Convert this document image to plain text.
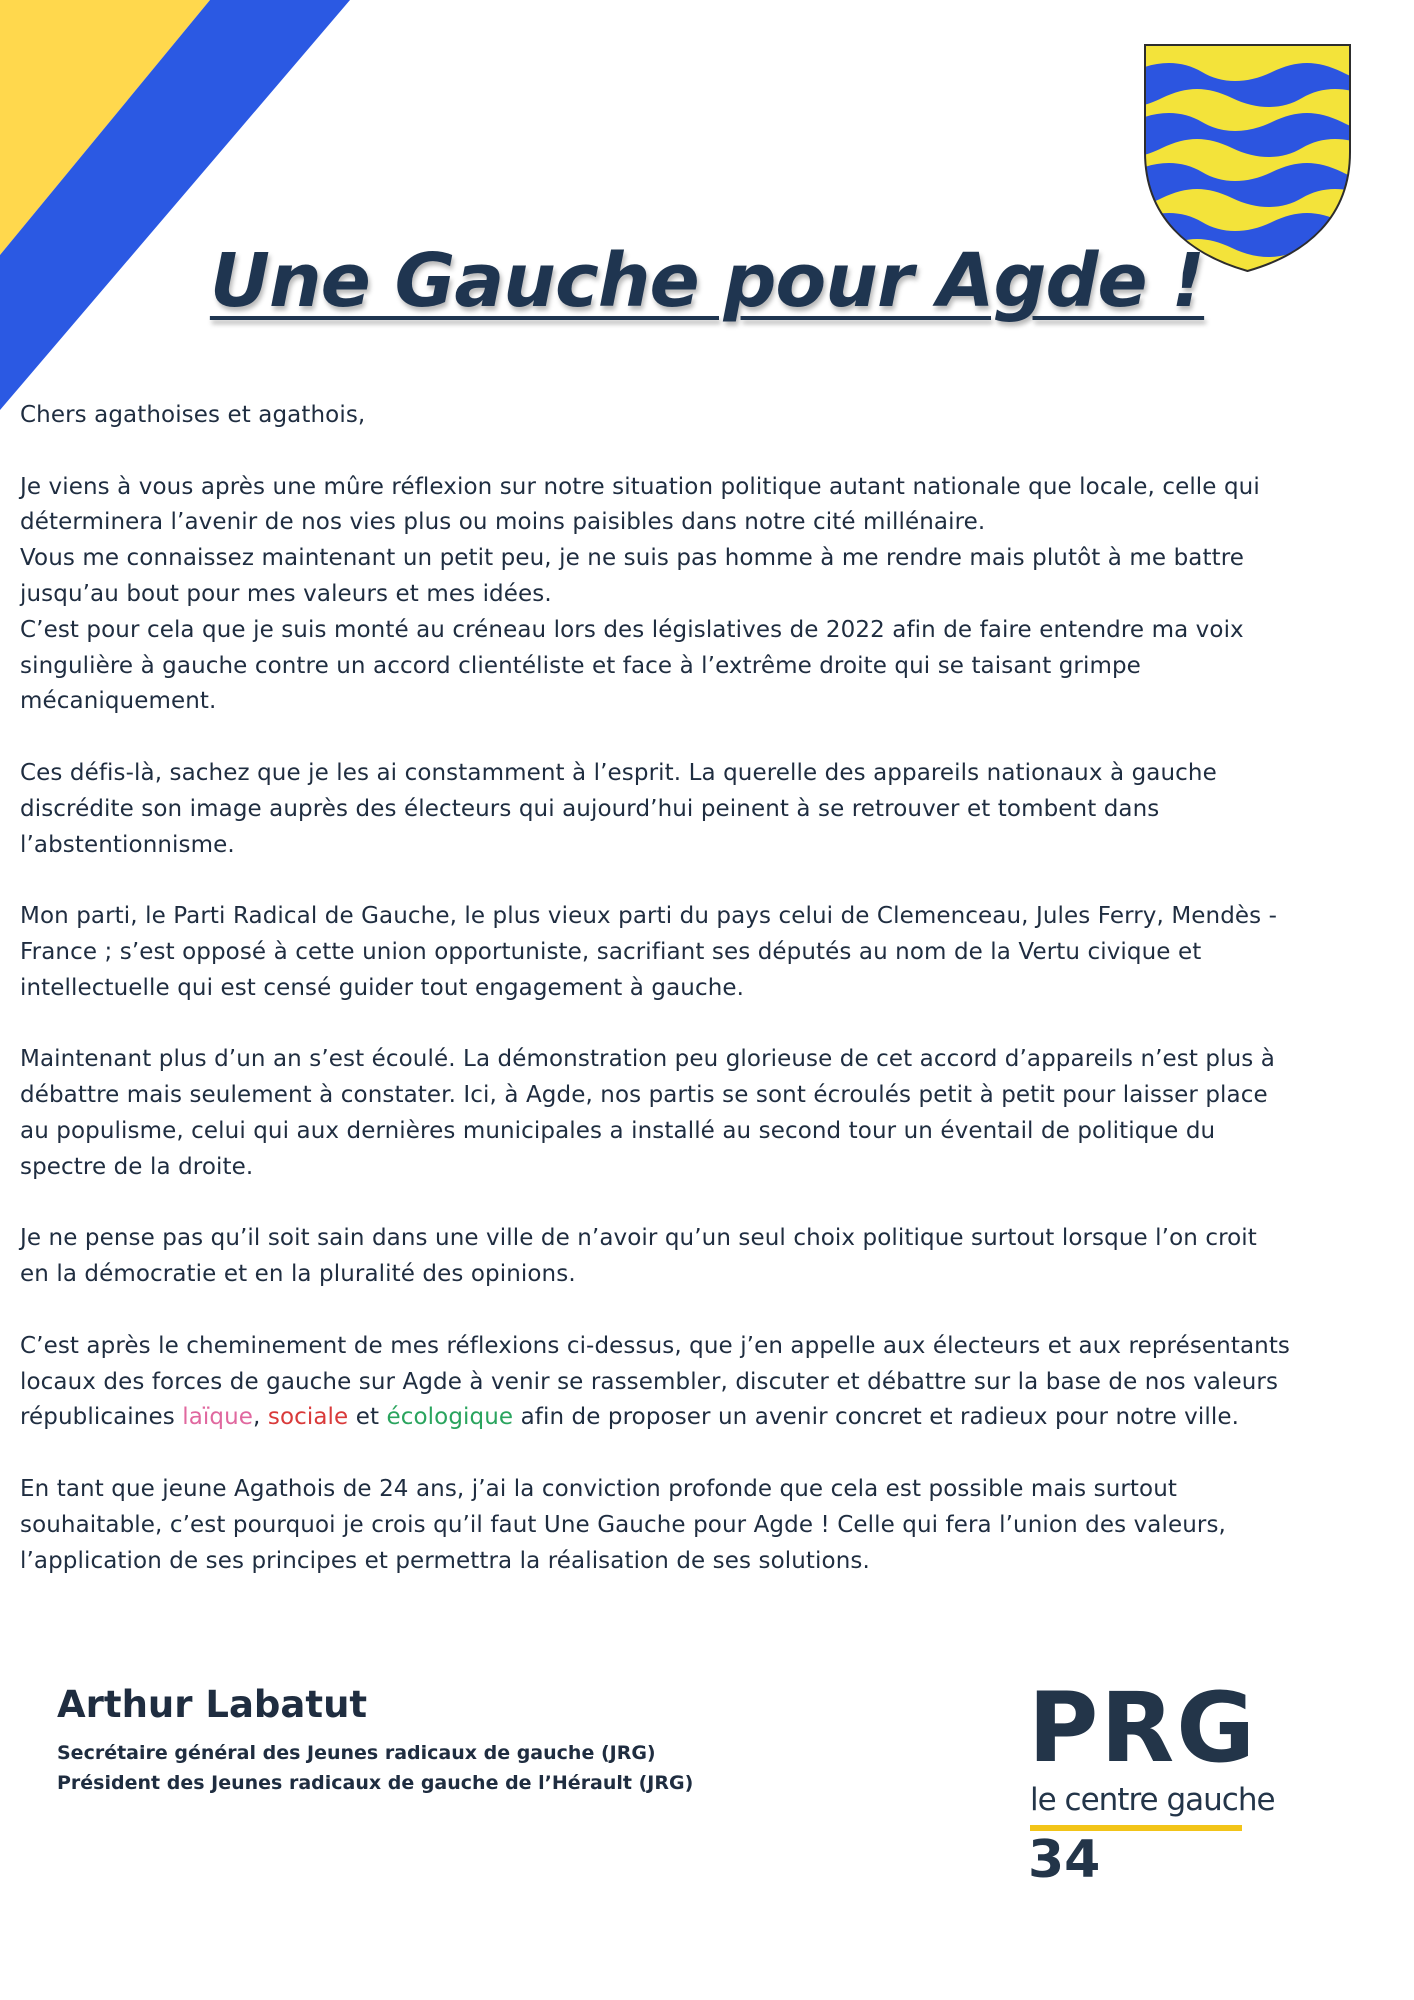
Une Gauche pour Agde !

Chers agathoises et agathois,

Je viens à vous après une mûre réflexion sur notre situation politique autant nationale que locale, celle qui
déterminera l’avenir de nos vies plus ou moins paisibles dans notre cité millénaire.
Vous me connaissez maintenant un petit peu, je ne suis pas homme à me rendre mais plutôt à me battre
jusqu’au bout pour mes valeurs et mes idées.
C’est pour cela que je suis monté au créneau lors des législatives de 2022 afin de faire entendre ma voix
singulière à gauche contre un accord clientéliste et face à l’extrême droite qui se taisant grimpe
mécaniquement.

Ces défis-là, sachez que je les ai constamment à l’esprit. La querelle des appareils nationaux à gauche
discrédite son image auprès des électeurs qui aujourd’hui peinent à se retrouver et tombent dans
l’abstentionnisme.

Mon parti, le Parti Radical de Gauche, le plus vieux parti du pays celui de Clemenceau, Jules Ferry, Mendès -
France ; s’est opposé à cette union opportuniste, sacrifiant ses députés au nom de la Vertu civique et
intellectuelle qui est censé guider tout engagement à gauche.

Maintenant plus d’un an s’est écoulé. La démonstration peu glorieuse de cet accord d’appareils n’est plus à
débattre mais seulement à constater. Ici, à Agde, nos partis se sont écroulés petit à petit pour laisser place
au populisme, celui qui aux dernières municipales a installé au second tour un éventail de politique du
spectre de la droite.

Je ne pense pas qu’il soit sain dans une ville de n’avoir qu’un seul choix politique surtout lorsque l’on croit
en la démocratie et en la pluralité des opinions.

C’est après le cheminement de mes réflexions ci-dessus, que j’en appelle aux électeurs et aux représentants
locaux des forces de gauche sur Agde à venir se rassembler, discuter et débattre sur la base de nos valeurs
républicaines laïque, sociale et écologique afin de proposer un avenir concret et radieux pour notre ville.

En tant que jeune Agathois de 24 ans, j’ai la conviction profonde que cela est possible mais surtout
souhaitable, c’est pourquoi je crois qu’il faut Une Gauche pour Agde ! Celle qui fera l’union des valeurs,
l’application de ses principes et permettra la réalisation de ses solutions.

Arthur Labatut
Secrétaire général des Jeunes radicaux de gauche (JRG)
Président des Jeunes radicaux de gauche de l’Hérault (JRG)	PRG
le centre gauche
34
